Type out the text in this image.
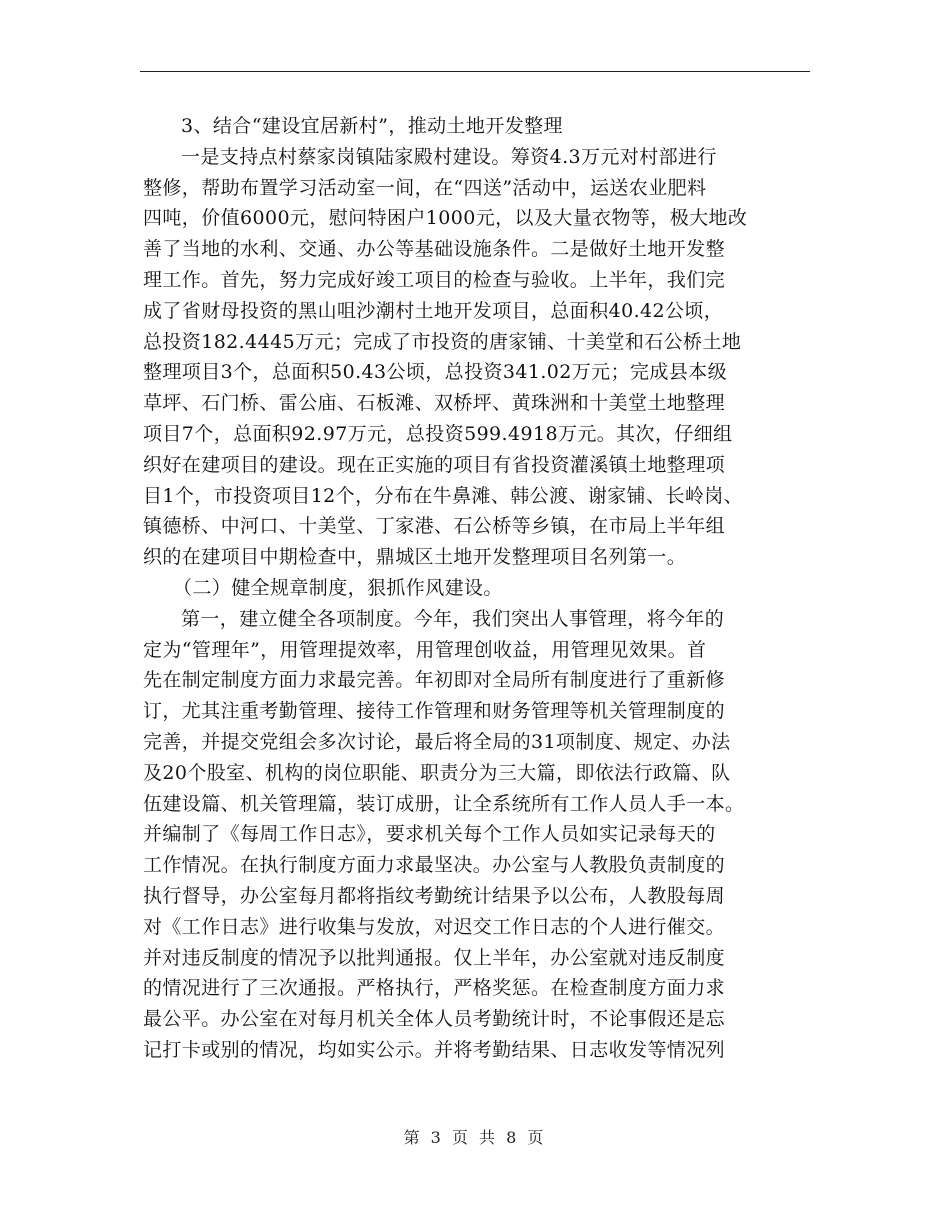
3、结合“建设宜居新村”，推动土地开发整理
一是支持点村蔡家岗镇陆家殿村建设。筹资4.3万元对村部进行
整修，帮助布置学习活动室一间，在“四送”活动中，运送农业肥料
四吨，价值6000元，慰问特困户1000元，以及大量衣物等，极大地改
善了当地的水利、交通、办公等基础设施条件。二是做好土地开发整
理工作。首先，努力完成好竣工项目的检查与验收。上半年，我们完
成了省财母投资的黑山咀沙潮村土地开发项目，总面积40.42公顷，
总投资182.4445万元；完成了市投资的唐家铺、十美堂和石公桥土地
整理项目3个，总面积50.43公顷，总投资341.02万元；完成县本级
草坪、石门桥、雷公庙、石板滩、双桥坪、黄珠洲和十美堂土地整理
项目7个，总面积92.97万元，总投资599.4918万元。其次，仔细组
织好在建项目的建设。现在正实施的项目有省投资灌溪镇土地整理项
目1个，市投资项目12个，分布在牛鼻滩、韩公渡、谢家铺、长岭岗、
镇德桥、中河口、十美堂、丁家港、石公桥等乡镇，在市局上半年组
织的在建项目中期检查中，鼎城区土地开发整理项目名列第一。
（二）健全规章制度，狠抓作风建设。
第一，建立健全各项制度。今年，我们突出人事管理，将今年的
定为“管理年”，用管理提效率，用管理创收益，用管理见效果。首
先在制定制度方面力求最完善。年初即对全局所有制度进行了重新修
订，尤其注重考勤管理、接待工作管理和财务管理等机关管理制度的
完善，并提交党组会多次讨论，最后将全局的31项制度、规定、办法
及20个股室、机构的岗位职能、职责分为三大篇，即依法行政篇、队
伍建设篇、机关管理篇，装订成册，让全系统所有工作人员人手一本。
并编制了《每周工作日志》，要求机关每个工作人员如实记录每天的
工作情况。在执行制度方面力求最坚决。办公室与人教股负责制度的
执行督导，办公室每月都将指纹考勤统计结果予以公布，人教股每周
对《工作日志》进行收集与发放，对迟交工作日志的个人进行催交。
并对违反制度的情况予以批判通报。仅上半年，办公室就对违反制度
的情况进行了三次通报。严格执行，严格奖惩。在检查制度方面力求
最公平。办公室在对每月机关全体人员考勤统计时，不论事假还是忘
记打卡或别的情况，均如实公示。并将考勤结果、日志收发等情况列
第 3 页 共 8 页
